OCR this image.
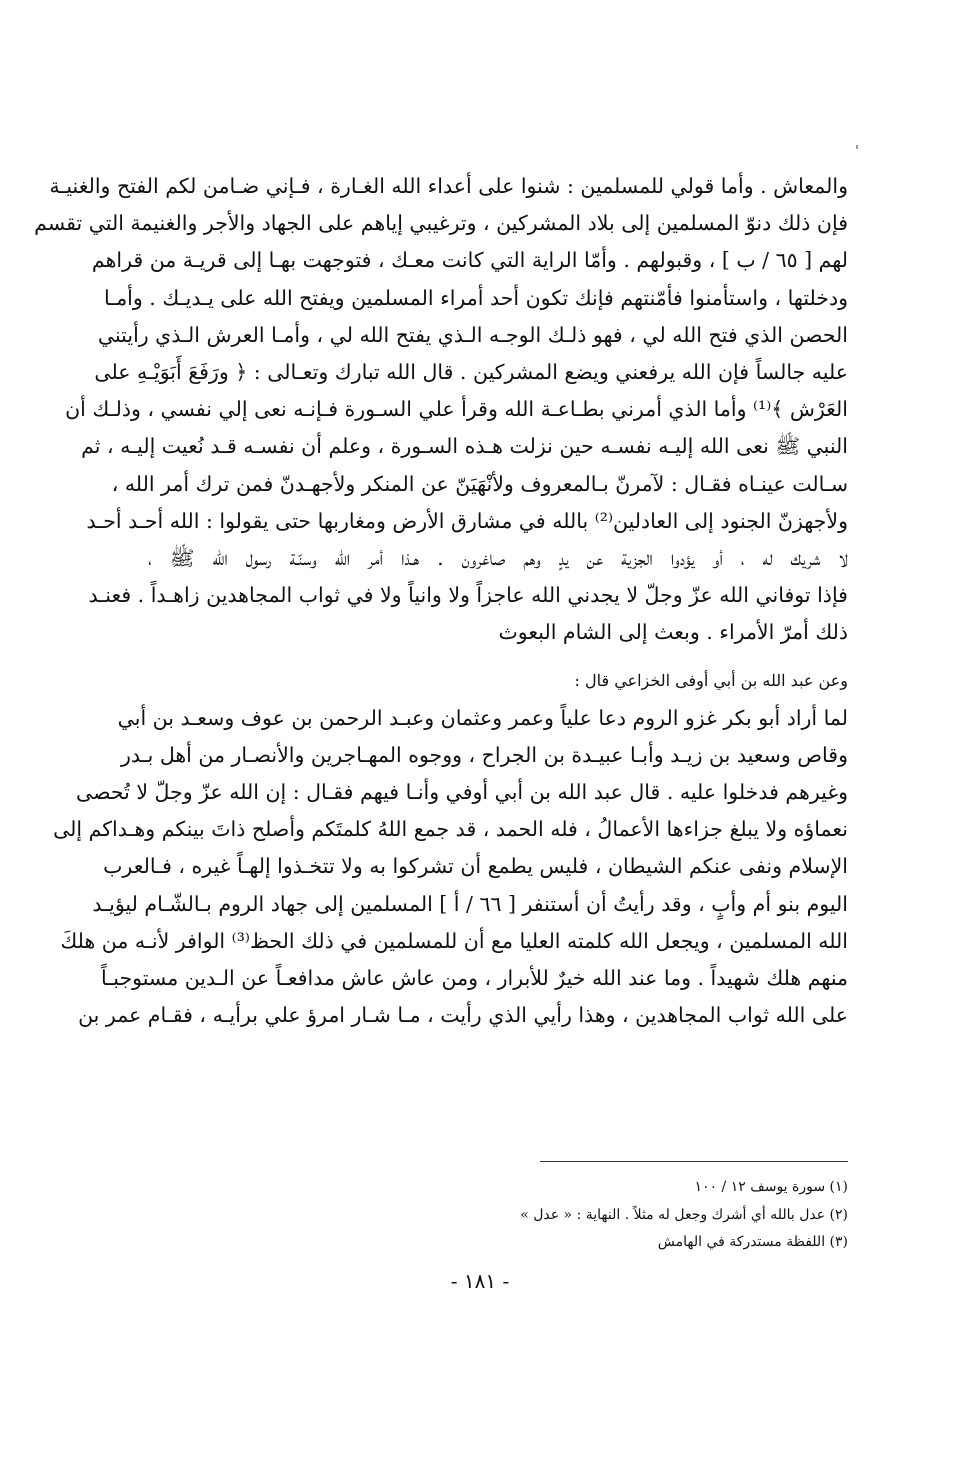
والمعاش . وأما قولي للمسلمين : شنوا على أعداء الله الغـارة ، فـإني ضـامن لكم الفتح والغنيـة
فإن ذلك دنوّ المسلمين إلى بلاد المشركين ، وترغيبي إياهم على الجهاد والأجر والغنيمة التي تقسم
لهم [ ٦٥ / ب ] ، وقبولهم . وأمّا الراية التي كانت معـك ، فتوجهت بهـا إلى قريـة من قراهم
ودخلتها ، واستأمنوا فأمّنتهم فإنك تكون أحد أمراء المسلمين ويفتح الله على يـديـك . وأمـا
الحصن الذي فتح الله لي ، فهو ذلـك الوجـه الـذي يفتح الله لي ، وأمـا العرش الـذي رأيتني
عليه جالساً فإن الله يرفعني ويضع المشركين . قال الله تبارك وتعـالى : ﴿ ورَفَعَ أَبَوَيْـهِ على
العَرْش ﴾⁽¹⁾ وأما الذي أمرني بطـاعـة الله وقرأ علي السـورة فـإنـه نعى إلي نفسي ، وذلـك أن
النبي ﷺ نعى الله إليـه نفسـه حين نزلت هـذه السـورة ، وعلم أن نفسـه قـد نُعيت إليـه ، ثم
سـالت عينـاه فقـال : لآمرنّ بـالمعروف ولأنْهَيَنّ عن المنكر ولأجهـدنّ فمن ترك أمر الله ،
ولأجهزنّ الجنود إلى العادلين⁽²⁾ بالله في مشارق الأرض ومغاربها حتى يقولوا : الله أحـد أحـد
لا شريك له ، أو يؤدوا الجزية عن يدٍ وهم صاغرون . هـذا أمر الله وسنّـة رسول الله ﷺ ،
فإذا توفاني الله عزّ وجلّ لا يجدني الله عاجزاً ولا وانياً ولا في ثواب المجاهدين زاهـداً . فعنـد
ذلك أمرّ الأمراء . وبعث إلى الشام البعوث

وعن عبد الله بن أبي أوفى الخزاعي قال :

لما أراد أبو بكر غزو الروم دعا علياً وعمر وعثمان وعبـد الرحمن بن عوف وسعـد بن أبي
وقاص وسعيد بن زيـد وأبـا عبيـدة بن الجراح ، ووجوه المهـاجرين والأنصـار من أهل بـدر
وغيرهم فدخلوا عليه . قال عبد الله بن أبي أوفي وأنـا فيهم فقـال : إن الله عزّ وجلّ لا تُحصى
نعماؤه ولا يبلغ جزاءها الأعمالُ ، فله الحمد ، قد جمع اللهُ كلمتَكم وأصلح ذاتَ بينكم وهـداكم إلى
الإسلام ونفى عنكم الشيطان ، فليس يطمع أن تشركوا به ولا تتخـذوا إلهـاً غيره ، فـالعرب
اليوم بنو أم وأبٍ ، وقد رأيتُ أن أستنفر [ ٦٦ / أ ] المسلمين إلى جهاد الروم بـالشّـام ليؤيـد
الله المسلمين ، ويجعل الله كلمته العليا مع أن للمسلمين في ذلك الحظ⁽³⁾ الوافر لأنـه من هلكَ
منهم هلك شهيداً . وما عند الله خيرٌ للأبرار ، ومن عاش عاش مدافعـاً عن الـدين مستوجبـاً
على الله ثواب المجاهدين ، وهذا رأيي الذي رأيت ، مـا شـار امرؤ علي برأيـه ، فقـام عمر بن

(١) سورة يوسف ١٢ / ١٠٠
(٢) عدل بالله أي أشرك وجعل له مثلاً . النهاية : « عدل »
(٣) اللفظة مستدركة في الهامش
- ١٨١ -
